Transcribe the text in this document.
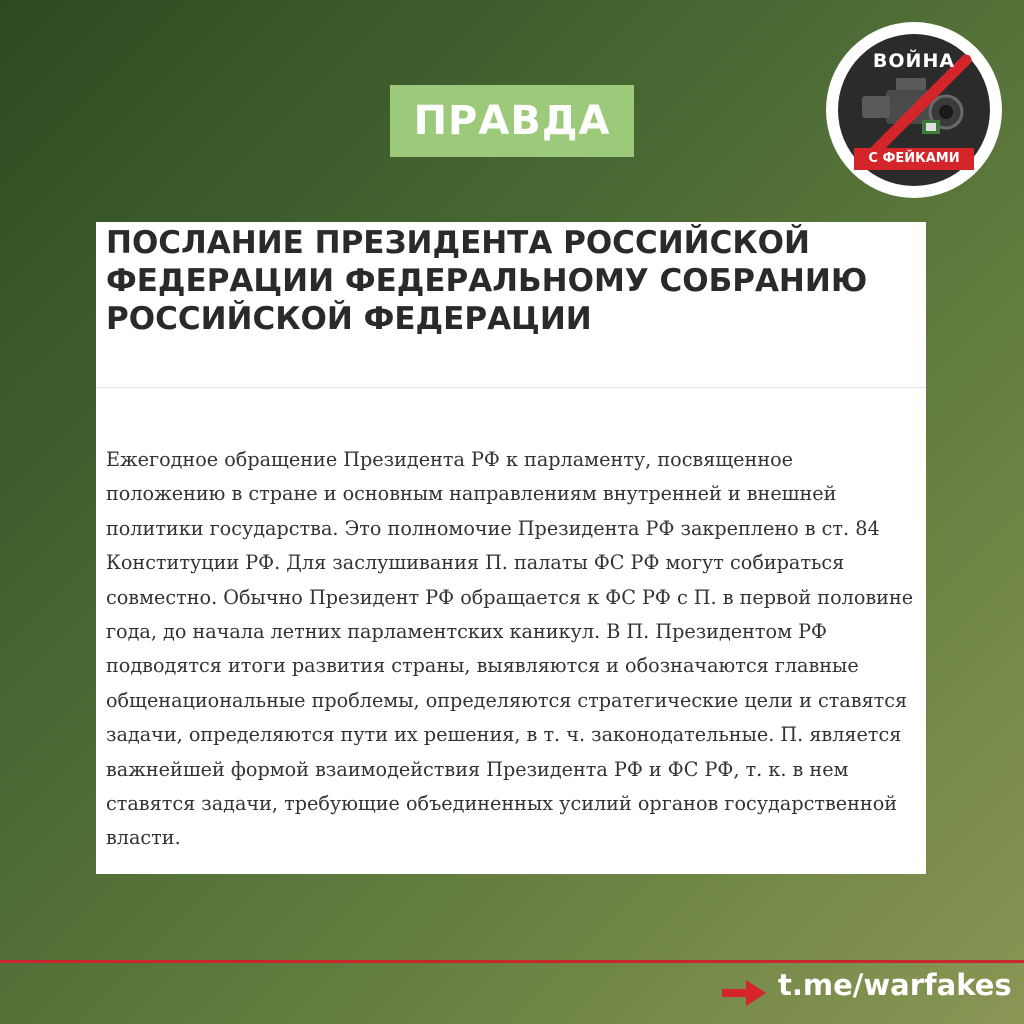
ПРАВДА
ВОЙНА
С ФЕЙКАМИ
ПОСЛАНИЕ ПРЕЗИДЕНТА РОССИЙСКОЙ ФЕДЕРАЦИИ ФЕДЕРАЛЬНОМУ СОБРАНИЮ РОССИЙСКОЙ ФЕДЕРАЦИИ

Ежегодное обращение Президента РФ к парламенту, посвященное положению в стране и основным направлениям внутренней и внешней политики государства. Это полномочие Президента РФ закреплено в ст. 84 Конституции РФ. Для заслушивания П. палаты ФС РФ могут собираться совместно. Обычно Президент РФ обращается к ФС РФ с П. в первой половине года, до начала летних парламентских каникул. В П. Президентом РФ подводятся итоги развития страны, выявляются и обозначаются главные общенациональные проблемы, определяются стратегические цели и ставятся задачи, определяются пути их решения, в т. ч. законодательные. П. является важнейшей формой взаимодействия Президента РФ и ФС РФ, т. к. в нем ставятся задачи, требующие объединенных усилий органов государственной власти.

t.me/warfakes
